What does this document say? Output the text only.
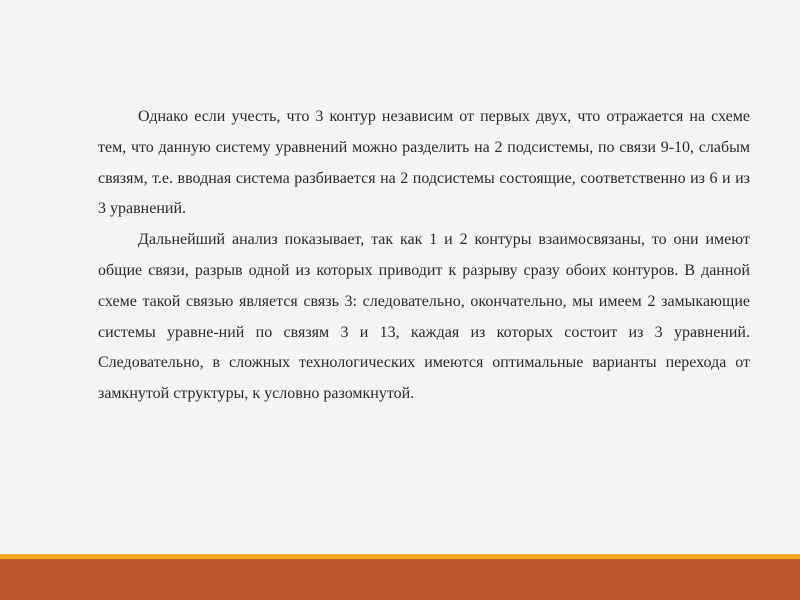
Однако если учесть, что 3 контур независим от первых двух, что отражается на схеме тем, что данную систему уравнений можно разделить на 2 подсистемы, по связи 9-10, слабым связям, т.е. вводная система разбивается на 2 подсистемы состоящие, соответственно из 6 и из 3 уравнений.

Дальнейший анализ показывает, так как 1 и 2 контуры взаимосвязаны, то они имеют общие связи, разрыв одной из которых приводит к разрыву сразу обоих контуров. В данной схеме такой связью является связь 3: следовательно, окончательно, мы имеем 2 замыкающие системы уравне-ний по связям 3 и 13, каждая из которых состоит из 3 уравнений. Следовательно, в сложных технологических имеются оптимальные варианты перехода от замкнутой структуры, к условно разомкнутой.
